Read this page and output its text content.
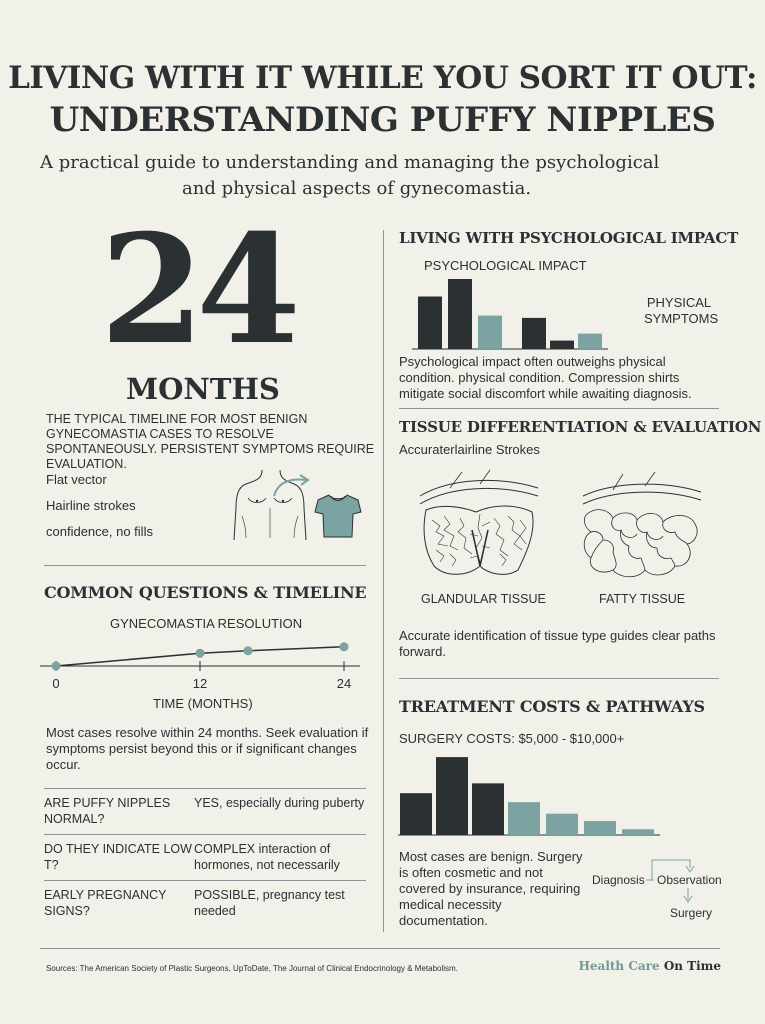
LIVING WITH IT WHILE YOU SORT IT OUT:
UNDERSTANDING PUFFY NIPPLES
A practical guide to understanding and managing the psychological
and physical aspects of gynecomastia.
24
MONTHS
THE TYPICAL TIMELINE FOR MOST BENIGN GYNECOMASTIA CASES TO RESOLVE SPONTANEOUSLY. PERSISTENT SYMPTOMS REQUIRE EVALUATION.
Flat vector
Hairline strokes
confidence, no fills
COMMON QUESTIONS & TIMELINE
GYNECOMASTIA RESOLUTION
0	12	24
TIME (MONTHS)
Most cases resolve within 24 months. Seek evaluation if symptoms persist beyond this or if significant changes occur.
ARE PUFFY NIPPLES NORMAL?
YES, especially during puberty
DO THEY INDICATE LOW T?
COMPLEX interaction of hormones, not necessarily
EARLY PREGNANCY SIGNS?
POSSIBLE, pregnancy test needed
LIVING WITH PSYCHOLOGICAL IMPACT
PSYCHOLOGICAL IMPACT
PHYSICAL SYMPTOMS
Psychological impact often outweighs physical condition. physical condition. Compression shirts mitigate social discomfort while awaiting diagnosis.
TISSUE DIFFERENTIATION & EVALUATION
Accuraterlairline Strokes
GLANDULAR TISSUE	FATTY TISSUE
Accurate identification of tissue type guides clear paths forward.
TREATMENT COSTS & PATHWAYS
SURGERY COSTS: $5,000 - $10,000+
Most cases are benign. Surgery is often cosmetic and not covered by insurance, requiring medical necessity documentation.
Diagnosis Observation
Surgery
Sources: The American Society of Plastic Surgeons, UpToDate, The Journal of Clinical Endocrinology & Metabolism.	Health Care On Time
